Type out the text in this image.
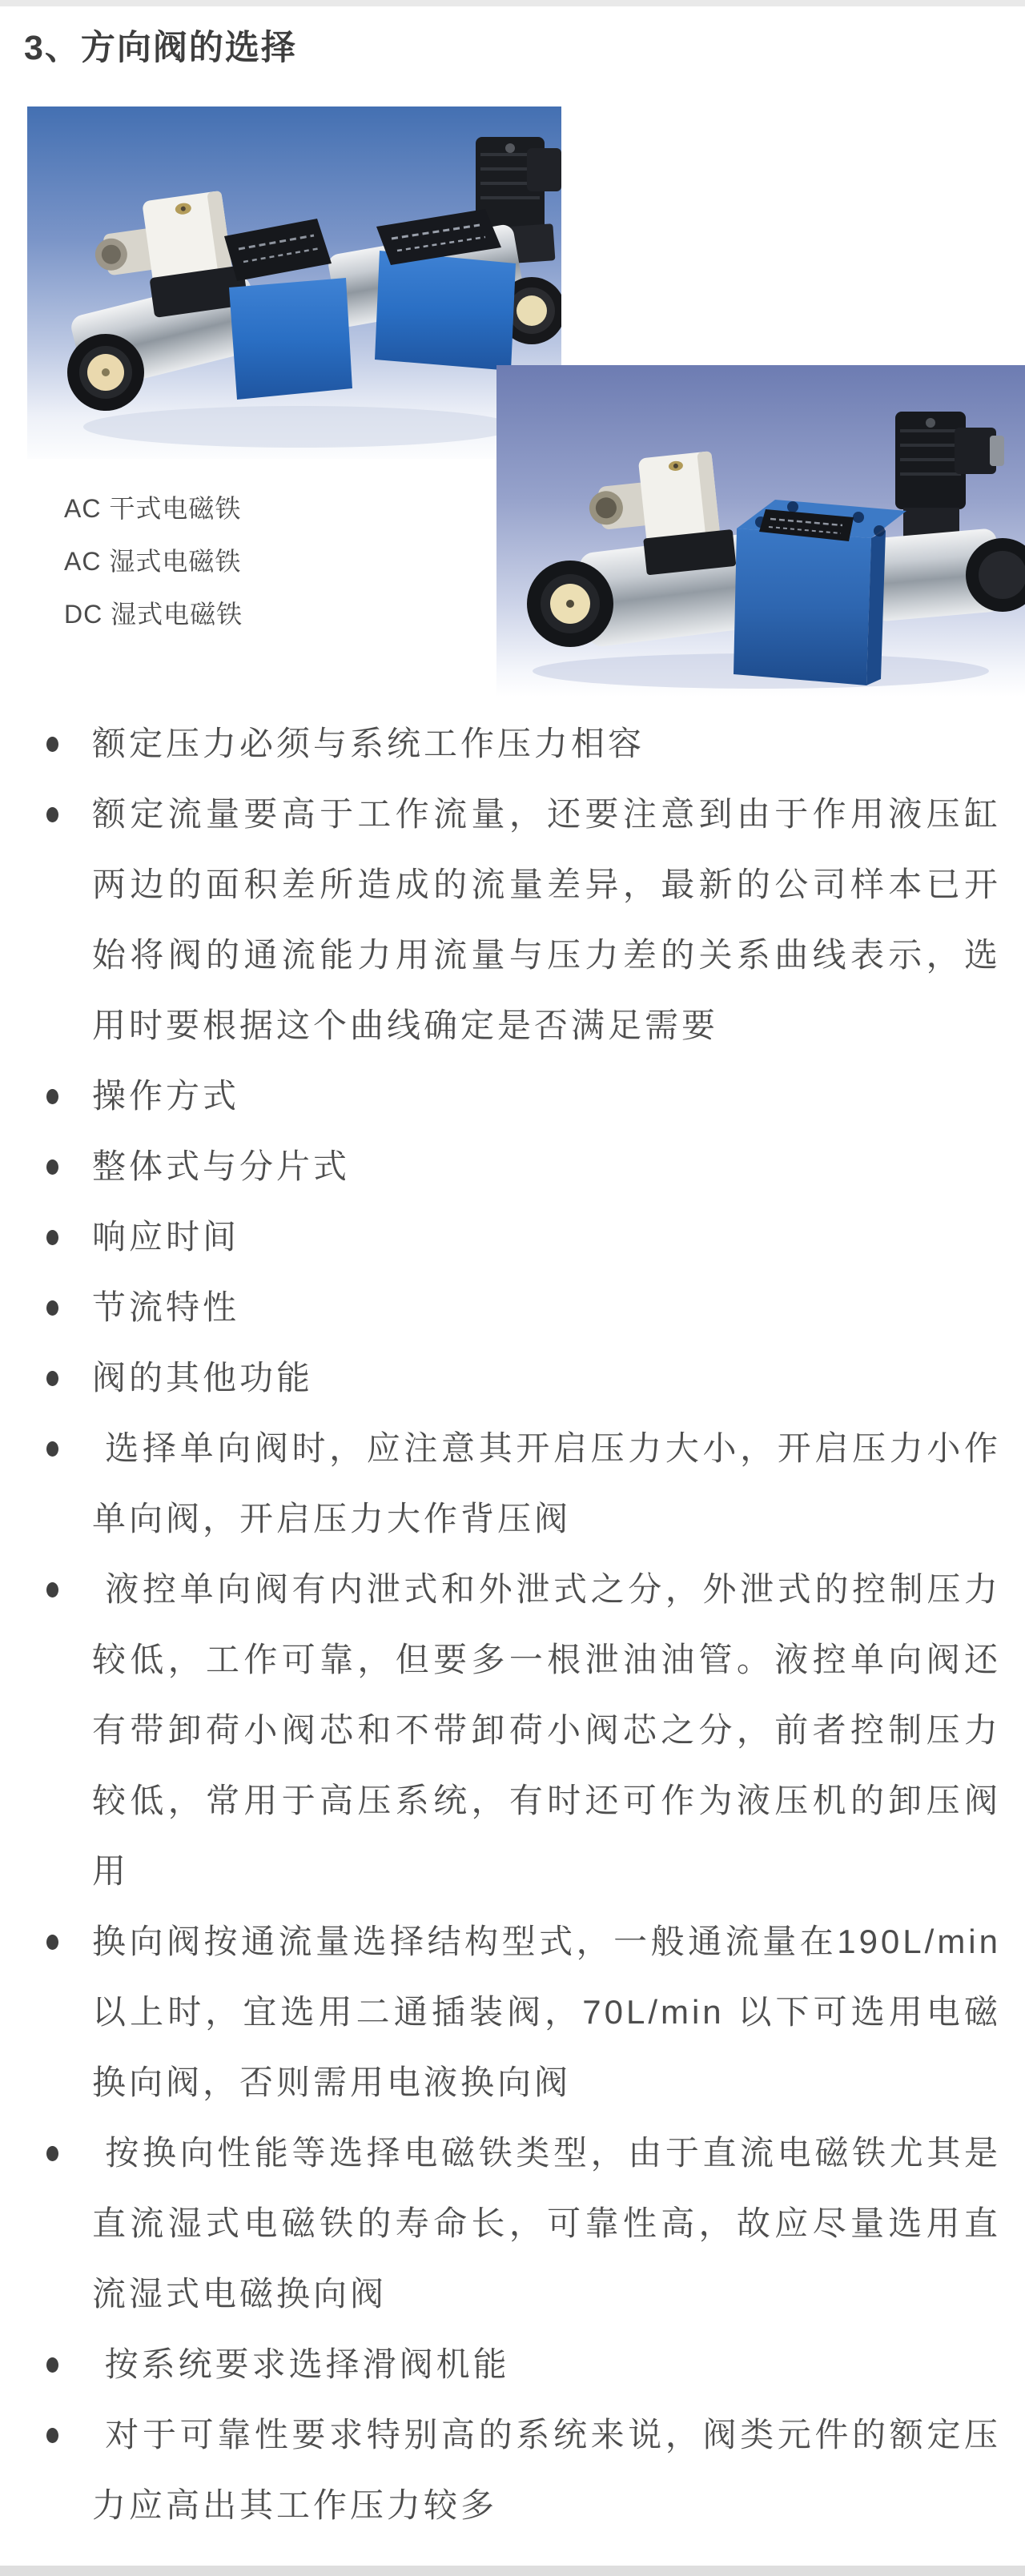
3、方向阀的选择
AC 干式电磁铁
AC 湿式电磁铁
DC 湿式电磁铁
额定压力必须与系统工作压力相容
额定流量要高于工作流量，还要注意到由于作用液压缸两边的面积差所造成的流量差异，最新的公司样本已开始将阀的通流能力用流量与压力差的关系曲线表示，选用时要根据这个曲线确定是否满足需要
操作方式
整体式与分片式
响应时间
节流特性
阀的其他功能
选择单向阀时，应注意其开启压力大小，开启压力小作单向阀，开启压力大作背压阀
液控单向阀有内泄式和外泄式之分，外泄式的控制压力较低，工作可靠，但要多一根泄油油管。液控单向阀还有带卸荷小阀芯和不带卸荷小阀芯之分，前者控制压力较低，常用于高压系统，有时还可作为液压机的卸压阀用
换向阀按通流量选择结构型式，一般通流量在190L/min以上时，宜选用二通插装阀，70L/min 以下可选用电磁换向阀，否则需用电液换向阀
按换向性能等选择电磁铁类型，由于直流电磁铁尤其是直流湿式电磁铁的寿命长，可靠性高，故应尽量选用直流湿式电磁换向阀
按系统要求选择滑阀机能
对于可靠性要求特别高的系统来说，阀类元件的额定压力应高出其工作压力较多
